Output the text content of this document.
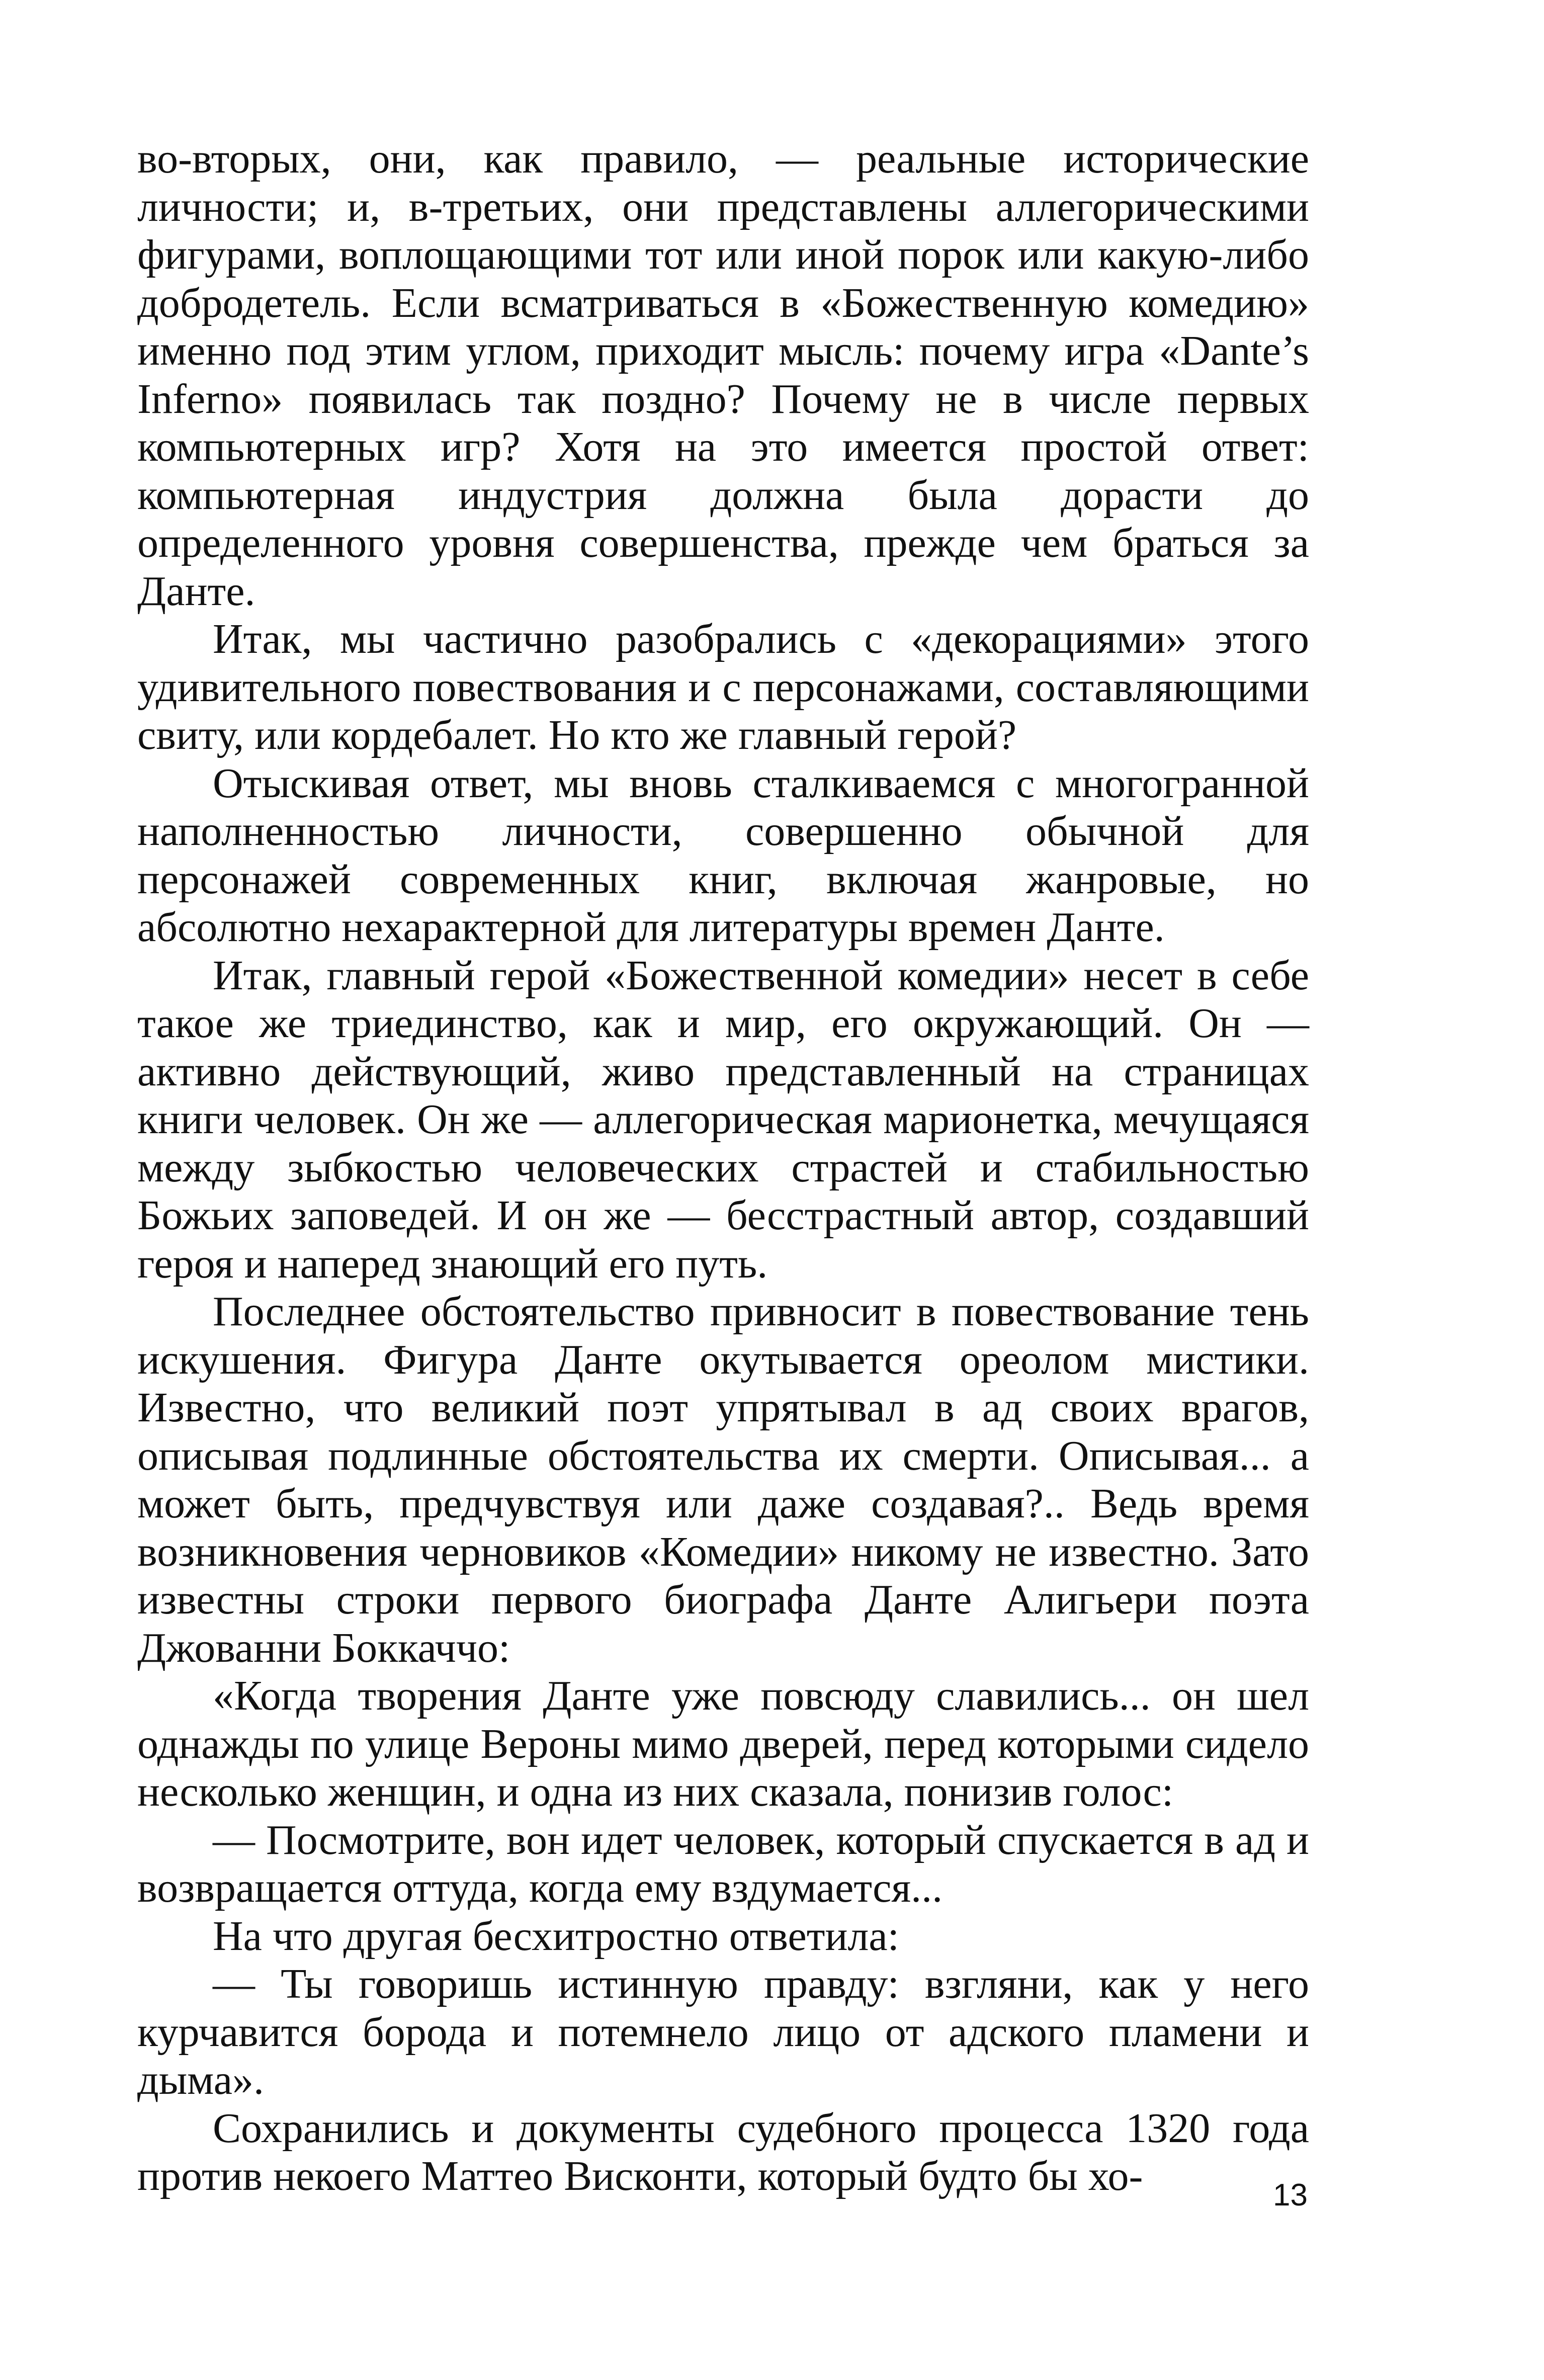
во-вторых, они, как правило, — реальные исторические личности; и, в-третьих, они представлены аллегорическими фигурами, воплощающими тот или иной порок или какую-либо добродетель. Если всматриваться в «Божественную комедию» именно под этим углом, приходит мысль: почему игра «Dante’s Inferno» появилась так поздно? Почему не в числе первых компьютерных игр? Хотя на это имеется простой ответ: компьютерная индустрия должна была дорасти до определенного уровня совершенства, прежде чем браться за Данте.

Итак, мы частично разобрались с «декорациями» этого удивительного повествования и с персонажами, составляющими свиту, или кордебалет. Но кто же главный герой?

Отыскивая ответ, мы вновь сталкиваемся с многогранной наполненностью личности, совершенно обычной для персонажей современных книг, включая жанровые, но абсолютно нехарактерной для литературы времен Данте.

Итак, главный герой «Божественной комедии» несет в себе такое же триединство, как и мир, его окружающий. Он — активно действующий, живо представленный на страницах книги человек. Он же — аллегорическая марионетка, мечущаяся между зыбкостью человеческих страстей и стабильностью Божьих заповедей. И он же — бесстрастный автор, создавший героя и наперед знающий его путь.

Последнее обстоятельство привносит в повествование тень искушения. Фигура Данте окутывается ореолом мистики. Известно, что великий поэт упрятывал в ад своих врагов, описывая подлинные обстоятельства их смерти. Описывая... а может быть, предчувствуя или даже создавая?.. Ведь время возникновения черновиков «Комедии» никому не известно. Зато известны строки первого биографа Данте Алигьери поэта Джованни Боккаччо:

«Когда творения Данте уже повсюду славились... он шел однажды по улице Вероны мимо дверей, перед которыми сидело несколько женщин, и одна из них сказала, понизив голос:

— Посмотрите, вон идет человек, который спускается в ад и возвращается оттуда, когда ему вздумается...

На что другая бесхитростно ответила:

— Ты говоришь истинную правду: взгляни, как у него курчавится борода и потемнело лицо от адского пламени и дыма».

Сохранились и документы судебного процесса 1320 года против некоего Маттео Висконти, который будто бы хо-	13
